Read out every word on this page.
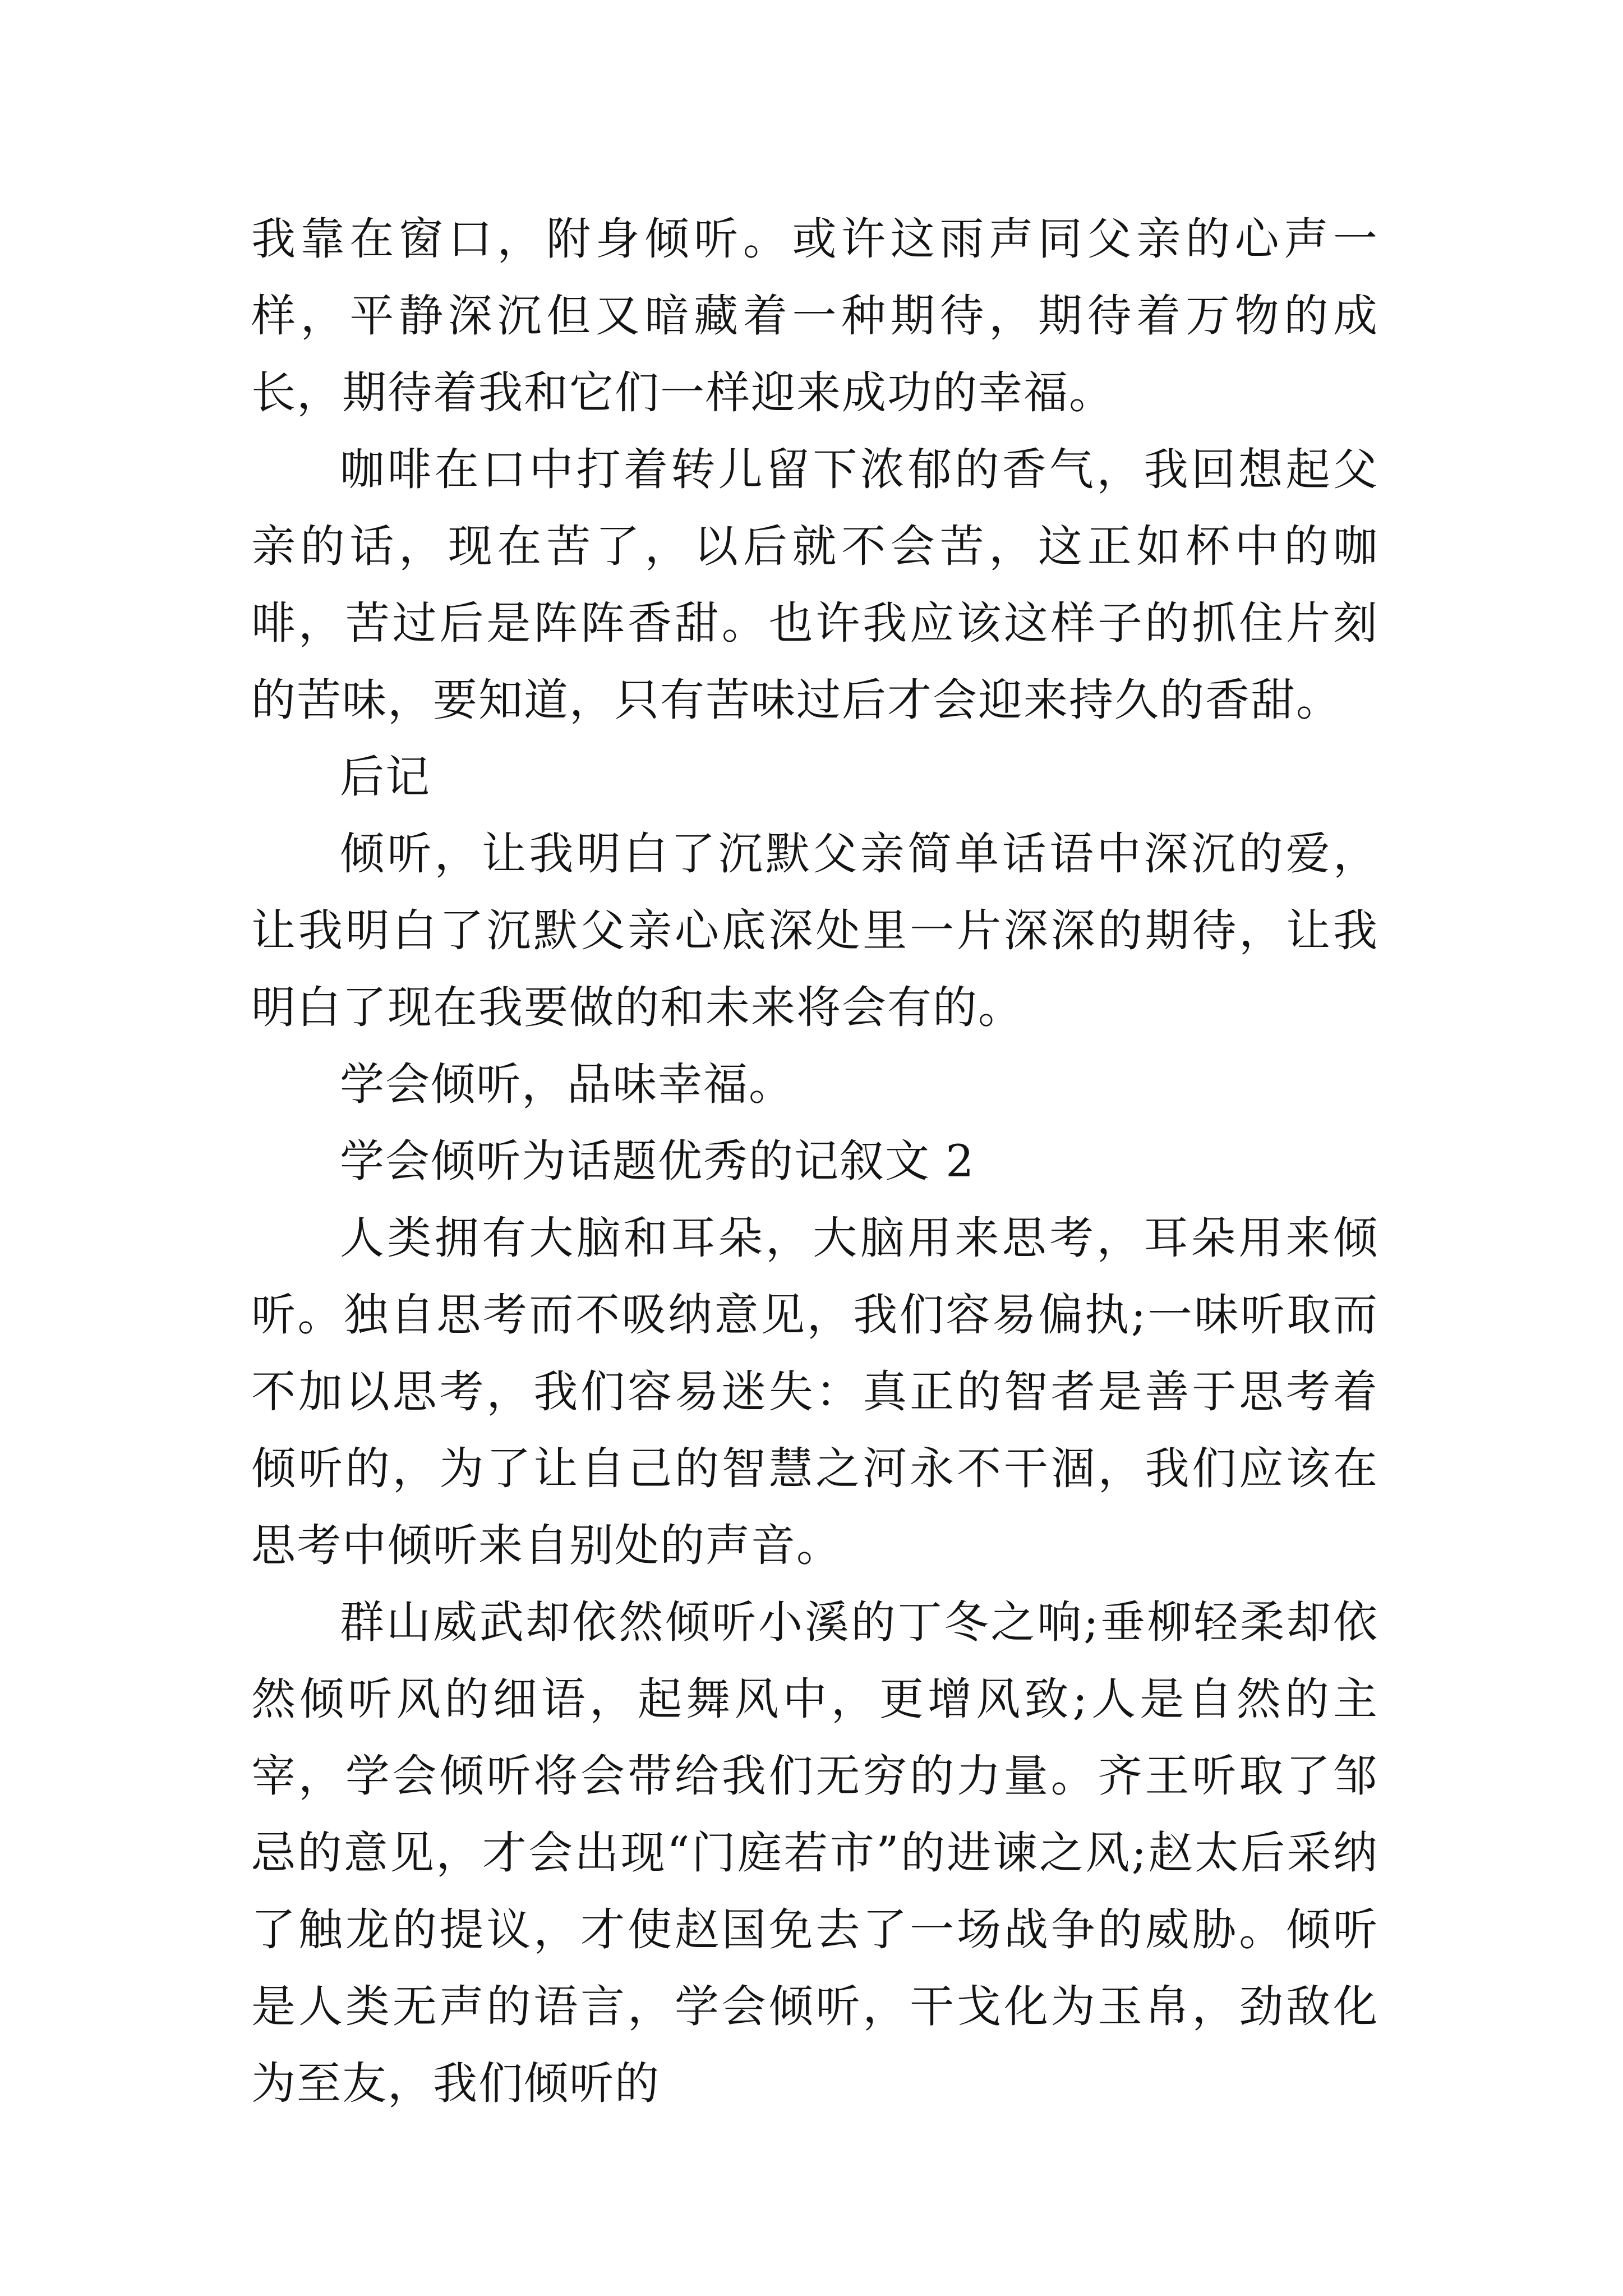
我靠在窗口，附身倾听。或许这雨声同父亲的心声一样，平静深沉但又暗藏着一种期待，期待着万物的成长，期待着我和它们一样迎来成功的幸福。

咖啡在口中打着转儿留下浓郁的香气，我回想起父亲的话，现在苦了，以后就不会苦，这正如杯中的咖啡，苦过后是阵阵香甜。也许我应该这样子的抓住片刻的苦味，要知道，只有苦味过后才会迎来持久的香甜。

后记

倾听，让我明白了沉默父亲简单话语中深沉的爱，让我明白了沉默父亲心底深处里一片深深的期待，让我明白了现在我要做的和未来将会有的。

学会倾听，品味幸福。

学会倾听为话题优秀的记叙文 2

人类拥有大脑和耳朵，大脑用来思考，耳朵用来倾听。独自思考而不吸纳意见，我们容易偏执;一味听取而不加以思考，我们容易迷失：真正的智者是善于思考着倾听的，为了让自己的智慧之河永不干涸，我们应该在思考中倾听来自别处的声音。

群山威武却依然倾听小溪的丁冬之响;垂柳轻柔却依然倾听风的细语，起舞风中，更增风致;人是自然的主宰，学会倾听将会带给我们无穷的力量。齐王听取了邹忌的意见，才会出现“门庭若市”的进谏之风;赵太后采纳了触龙的提议，才使赵国免去了一场战争的威胁。倾听是人类无声的语言，学会倾听，干戈化为玉帛，劲敌化为至友，我们倾听的
